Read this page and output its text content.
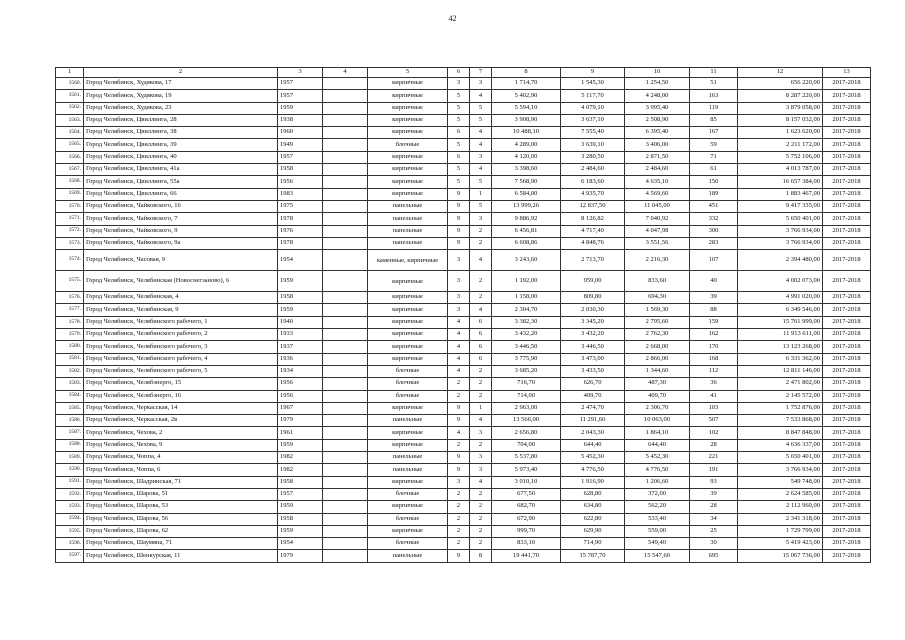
42
1	2	3	4	5	6	7	8	9	10	11	12	13
1560.	Город Челябинск, Худякова, 17	1957		кирпичные	3	3	1 714,70	1 545,30	1 254,50	51	656 220,00	2017-2018
1561.	Город Челябинск, Худякова, 19	1957		кирпичные	5	4	5 402,90	5 117,70	4 248,00	163	8 287 220,00	2017-2018
1562.	Город Челябинск, Худякова, 23	1959		кирпичные	5	5	5 594,10	4 079,10	3 995,40	119	3 879 058,00	2017-2018
1563.	Город Челябинск, Цвиллинга, 28	1938		кирпичные	5	5	3 908,90	3 637,10	2 508,90	85	8 157 032,00	2017-2018
1564.	Город Челябинск, Цвиллинга, 38	1960		кирпичные	6	4	10 488,10	7 555,40	6 395,40	167	1 623 620,00	2017-2018
1565.	Город Челябинск, Цвиллинга, 39	1949		блочные	5	4	4 289,00	3 639,10	3 406,00	59	2 211 172,00	2017-2018
1566.	Город Челябинск, Цвиллинга, 40	1957		кирпичные	6	3	4 120,00	3 280,50	2 871,50	71	5 752 106,00	2017-2018
1567.	Город Челябинск, Цвиллинга, 41а	1958		кирпичные	5	4	3 398,60	2 484,60	2 484,60	61	4 013 787,00	2017-2018
1568.	Город Челябинск, Цвиллинга, 55а	1956		кирпичные	5	5	7 568,90	6 183,60	4 635,10	150	16 657 384,00	2017-2018
1569.	Город Челябинск, Цвиллинга, 66	1983		кирпичные	9	1	6 584,00	4 935,70	4 569,60	189	1 883 467,00	2017-2018
1570.	Город Челябинск, Чайковского, 16	1975		панельные	9	5	13 999,26	12 837,50	11 045,00	451	9 417 335,00	2017-2018
1571.	Город Челябинск, Чайковского, 7	1978		панельные	9	3	9 886,92	8 126,82	7 040,92	332	5 650 401,00	2017-2018
1572.	Город Челябинск, Чайковского, 9	1976		панельные	9	2	6 456,81	4 717,40	4 047,98	300	3 766 934,00	2017-2018
1573.	Город Челябинск, Чайковского, 9а	1978		панельные	9	2	6 608,86	4 848,76	3 551,56	283	3 766 934,00	2017-2018
1574.	Город Челябинск, Часовая, 9	1954		каменные, кирпичные	3	4	3 243,60	2 713,70	2 216,30	107	2 394 480,00	2017-2018
1575.	Город Челябинск, Челябинская (Новоснегзаново), 6	1959		кирпичные	3	2	1 192,00	959,00	833,60	40	4 002 073,00	2017-2018
1576.	Город Челябинск, Челябинская, 4	1958		кирпичные	3	2	1 158,00	809,80	694,30	39	4 991 020,00	2017-2018
1577.	Город Челябинск, Челябинская, 9	1959		кирпичные	3	4	2 304,70	2 030,30	1 569,30	88	6 349 546,00	2017-2018
1578.	Город Челябинск, Челябинского рабочего, 1	1940		кирпичные	4	6	3 382,30	3 345,20	2 795,60	159	15 761 999,00	2017-2018
1579.	Город Челябинск, Челябинского рабочего, 2	1933		кирпичные	4	6	3 432,20	3 432,20	2 762,30	162	11 913 611,00	2017-2018
1580.	Город Челябинск, Челябинского рабочего, 3	1937		кирпичные	4	6	3 446,50	3 446,50	2 668,00	170	13 123 268,00	2017-2018
1581.	Город Челябинск, Челябинского рабочего, 4	1936		кирпичные	4	6	3 775,90	3 473,00	2 866,00	168	6 331 362,00	2017-2018
1582.	Город Челябинск, Челябинского рабочего, 5	1934		блочные	4	2	3 685,20	3 433,50	1 344,60	112	12 811 146,00	2017-2018
1583.	Город Челябинск, Челябэнерго, 15	1956		блочные	2	2	716,70	626,70	487,30	36	2 471 802,00	2017-2018
1584.	Город Челябинск, Челябэнерго, 16	1956		блочные	2	2	714,00	409,70	409,70	41	2 145 572,00	2017-2018
1585.	Город Челябинск, Черкасская, 14	1967		кирпичные	9	1	2 963,00	2 474,70	2 306,70	103	1 752 876,00	2017-2018
1586.	Город Челябинск, Черкасская, 2в	1979		панельные	9	4	13 566,00	11 291,60	10 063,00	507	7 533 868,00	2017-2018
1587.	Город Челябинск, Чехова, 2	1961		кирпичные	4	3	2 656,80	2 043,30	1 864,10	102	8 847 848,00	2017-2018
1588.	Город Челябинск, Чехова, 9	1959		кирпичные	2	2	704,00	644,40	644,40	28	4 636 337,00	2017-2018
1589.	Город Челябинск, Чоппа, 4	1982		панельные	9	3	5 537,80	5 452,30	5 452,30	221	5 650 401,00	2017-2018
1590.	Город Челябинск, Чоппа, 6	1982		панельные	9	3	5 973,40	4 776,50	4 776,50	191	3 766 934,00	2017-2018
1591.	Город Челябинск, Шадринская, 71	1958		кирпичные	3	4	3 010,10	1 916,90	1 206,60	93	549 748,00	2017-2018
1592.	Город Челябинск, Шарова, 51	1957		блочные	2	2	677,50	628,80	372,00	39	2 624 585,00	2017-2018
1593.	Город Челябинск, Шарова, 53	1959		кирпичные	2	2	682,70	634,80	562,20	28	2 112 960,00	2017-2018
1594.	Город Челябинск, Шарова, 56	1958		блочные	2	2	672,90	622,80	533,40	34	2 341 318,00	2017-2018
1595.	Город Челябинск, Шарова, 62	1959		кирпичные	2	2	999,70	629,90	559,00	25	1 729 799,00	2017-2018
1596.	Город Челябинск, Шаумяна, 71	1954		блочные	2	2	833,10	714,90	549,40	30	5 419 423,00	2017-2018
1597.	Город Челябинск, Шенкурская, 11	1979		панельные	9	8	19 441,70	15 787,70	15 547,60	695	15 067 736,00	2017-2018
